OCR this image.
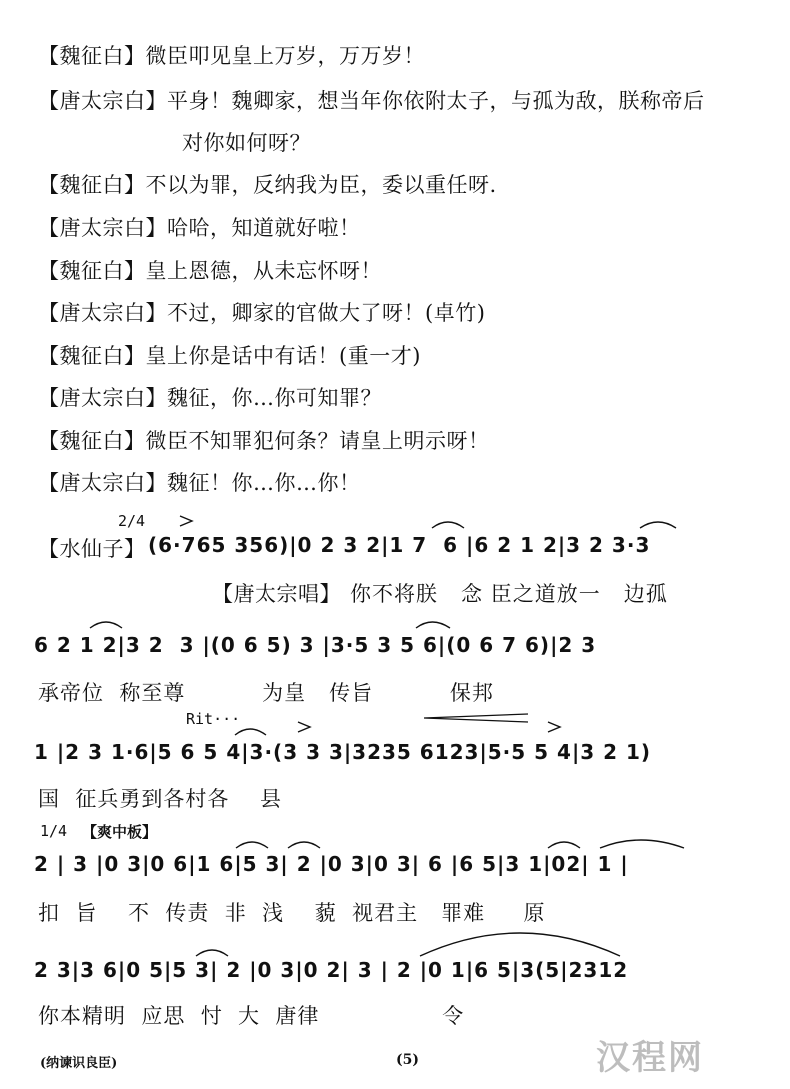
【魏征白】微臣叩见皇上万岁，万万岁！
【唐太宗白】平身！魏卿家，想当年你依附太子，与孤为敌，朕称帝后
对你如何呀？
【魏征白】不以为罪，反纳我为臣，委以重任呀.
【唐太宗白】哈哈，知道就好啦！
【魏征白】皇上恩德，从未忘怀呀！
【唐太宗白】不过，卿家的官做大了呀！(卓竹)
【魏征白】皇上你是话中有话！(重一才)
【唐太宗白】魏征，你…你可知罪？
【魏征白】微臣不知罪犯何条？请皇上明示呀！
【唐太宗白】魏征！你…你…你！
2/4
【水仙子】 (6·765 356)|0 2 3 2|1 7  6 |6 2 1 2|3 2 3·3
【唐太宗唱】 你不将朕   念 臣之道放一   边孤
6 2 1 2|3 2  3 |(0 6 5) 3 |3·5 3 5 6|(0 6 7 6)|2 3
承帝位  称至尊          为皇   传旨          保邦
Rit···
1 |2 3 1·6|5 6 5 4|3·(3 3 3|3235 6123|5·5 5 4|3 2 1)
国  征兵勇到各村各    县
1/4 【爽中板】
2 | 3 |0 3|0 6|1 6|5 3| 2 |0 3|0 3| 6 |6 5|3 1|02| 1 |
扣  旨    不  传责  非  浅    藐  视君主   罪难     原
2 3|3 6|0 5|5 3| 2 |0 3|0 2| 3 | 2 |0 1|6 5|3(5|2312
你本精明  应思  忖  大  唐律                令
(纳谏识良臣)	(5)	汉程网
